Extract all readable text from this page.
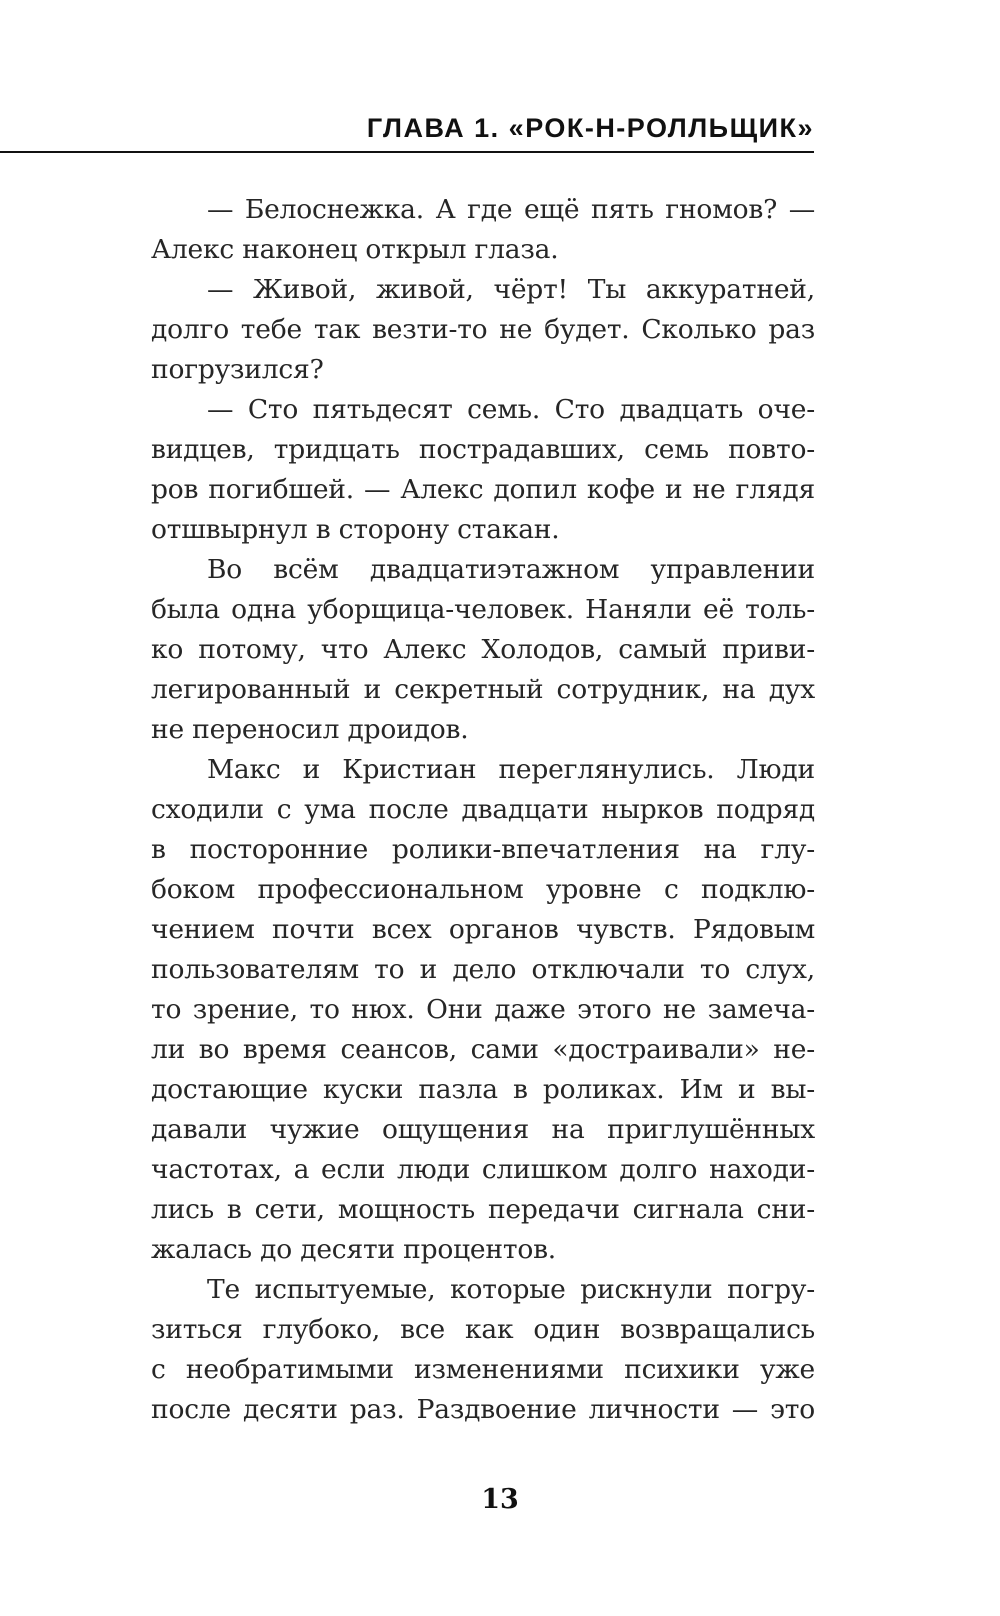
ГЛАВА 1. «РОК-Н-РОЛЛЬЩИК»
— Белоснежка. А где ещё пять гномов? —
Алекс наконец открыл глаза.
— Живой, живой, чёрт! Ты аккуратней,
долго тебе так везти-то не будет. Сколько раз
погрузился?
— Сто пятьдесят семь. Сто двадцать оче-
видцев, тридцать пострадавших, семь повто-
ров погибшей. — Алекс допил кофе и не глядя
отшвырнул в сторону стакан.
Во всём двадцатиэтажном управлении
была одна уборщица-человек. Наняли её толь-
ко потому, что Алекс Холодов, самый приви-
легированный и секретный сотрудник, на дух
не переносил дроидов.
Макс и Кристиан переглянулись. Люди
сходили с ума после двадцати нырков подряд
в посторонние ролики-впечатления на глу-
боком профессиональном уровне с подклю-
чением почти всех органов чувств. Рядовым
пользователям то и дело отключали то слух,
то зрение, то нюх. Они даже этого не замеча-
ли во время сеансов, сами «достраивали» не-
достающие куски пазла в роликах. Им и вы-
давали чужие ощущения на приглушённых
частотах, а если люди слишком долго находи-
лись в сети, мощность передачи сигнала сни-
жалась до десяти процентов.
Те испытуемые, которые рискнули погру-
зиться глубоко, все как один возвращались
с необратимыми изменениями психики уже
после десяти раз. Раздвоение личности — это
13
